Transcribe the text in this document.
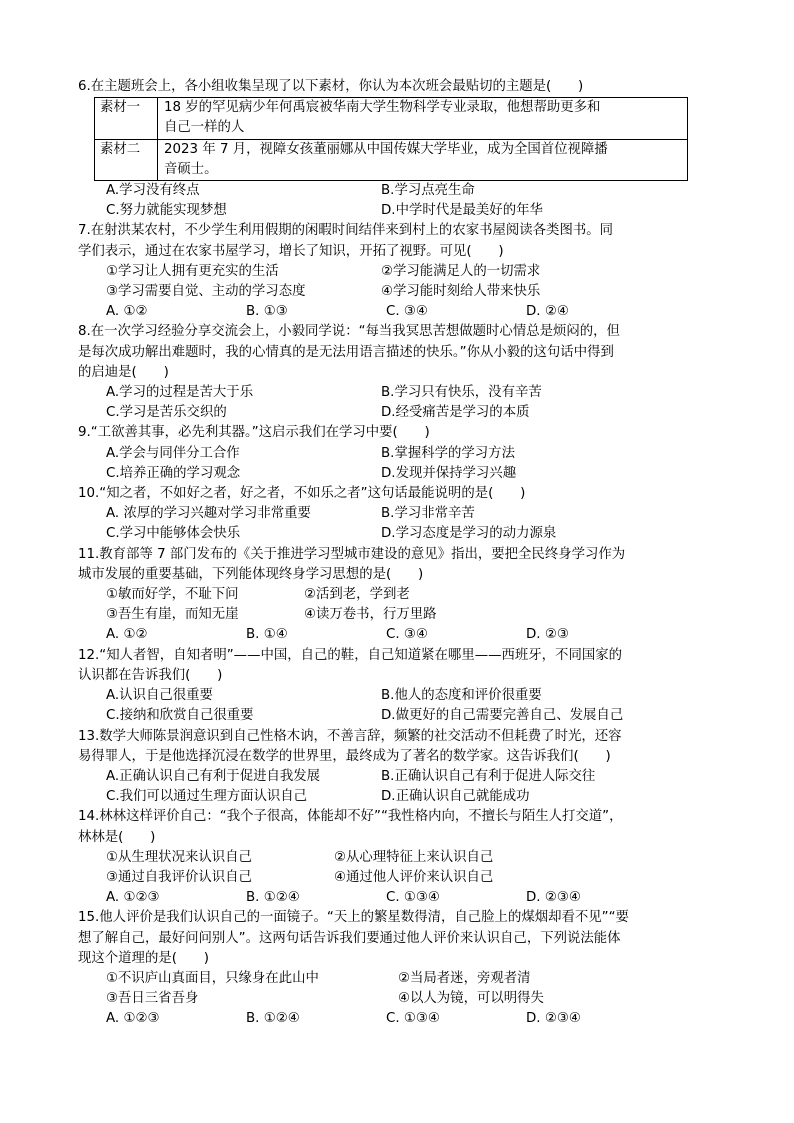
6.在主题班会上，各小组收集呈现了以下素材，你认为本次班会最贴切的主题是(　　)
素材一	18 岁的罕见病少年何禹宸被华南大学生物科学专业录取，他想帮助更多和
自己一样的人

素材二	2023 年 7 月，视障女孩董丽娜从中国传媒大学毕业，成为全国首位视障播
音硕士。
A.学习没有终点	B.学习点亮生命
C.努力就能实现梦想	D.中学时代是最美好的年华
7.在射洪某农村，不少学生利用假期的闲暇时间结伴来到村上的农家书屋阅读各类图书。同
学们表示，通过在农家书屋学习，增长了知识，开拓了视野。可见(　　)
①学习让人拥有更充实的生活	②学习能满足人的一切需求
③学习需要自觉、主动的学习态度	④学习能时刻给人带来快乐
A. ①②	B. ①③	C. ③④	D. ②④
8.在一次学习经验分享交流会上，小毅同学说：“每当我冥思苦想做题时心情总是烦闷的，但
是每次成功解出难题时，我的心情真的是无法用语言描述的快乐。”你从小毅的这句话中得到
的启迪是(　　)
A.学习的过程是苦大于乐	B.学习只有快乐，没有辛苦
C.学习是苦乐交织的	D.经受痛苦是学习的本质
9.“工欲善其事，必先利其器。”这启示我们在学习中要(　　)
A.学会与同伴分工合作	B.掌握科学的学习方法
C.培养正确的学习观念	D.发现并保持学习兴趣
10.“知之者，不如好之者，好之者，不如乐之者”这句话最能说明的是(　　)
A. 浓厚的学习兴趣对学习非常重要	B.学习非常辛苦
C.学习中能够体会快乐	D.学习态度是学习的动力源泉
11.教育部等 7 部门发布的《关于推进学习型城市建设的意见》指出，要把全民终身学习作为
城市发展的重要基础，下列能体现终身学习思想的是(　　)
①敏而好学，不耻下问	②活到老，学到老
③吾生有崖，而知无崖	④读万卷书，行万里路
A. ①②	B. ①④	C. ③④	D. ②③
12.“知人者智，自知者明”——中国，自己的鞋，自己知道紧在哪里——西班牙，不同国家的
认识都在告诉我们(　　)
A.认识自己很重要	B.他人的态度和评价很重要
C.接纳和欣赏自己很重要	D.做更好的自己需要完善自己、发展自己
13.数学大师陈景润意识到自己性格木讷，不善言辞，频繁的社交活动不但耗费了时光，还容
易得罪人，于是他选择沉浸在数学的世界里，最终成为了著名的数学家。这告诉我们(　　)
A.正确认识自己有利于促进自我发展	B.正确认识自己有利于促进人际交往
C.我们可以通过生理方面认识自己	D.正确认识自己就能成功
14.林林这样评价自己：“我个子很高，体能却不好”“我性格内向，不擅长与陌生人打交道”，
林林是(　　)
①从生理状况来认识自己	②从心理特征上来认识自己
③通过自我评价认识自己	④通过他人评价来认识自己
A. ①②③	B. ①②④	C. ①③④	D. ②③④
15.他人评价是我们认识自己的一面镜子。“天上的繁星数得清，自己脸上的煤烟却看不见”“要
想了解自己，最好问问别人”。这两句话告诉我们要通过他人评价来认识自己，下列说法能体
现这个道理的是(　　)
①不识庐山真面目，只缘身在此山中	②当局者迷，旁观者清
③吾日三省吾身	④以人为镜，可以明得失
A. ①②③	B. ①②④	C. ①③④	D. ②③④
